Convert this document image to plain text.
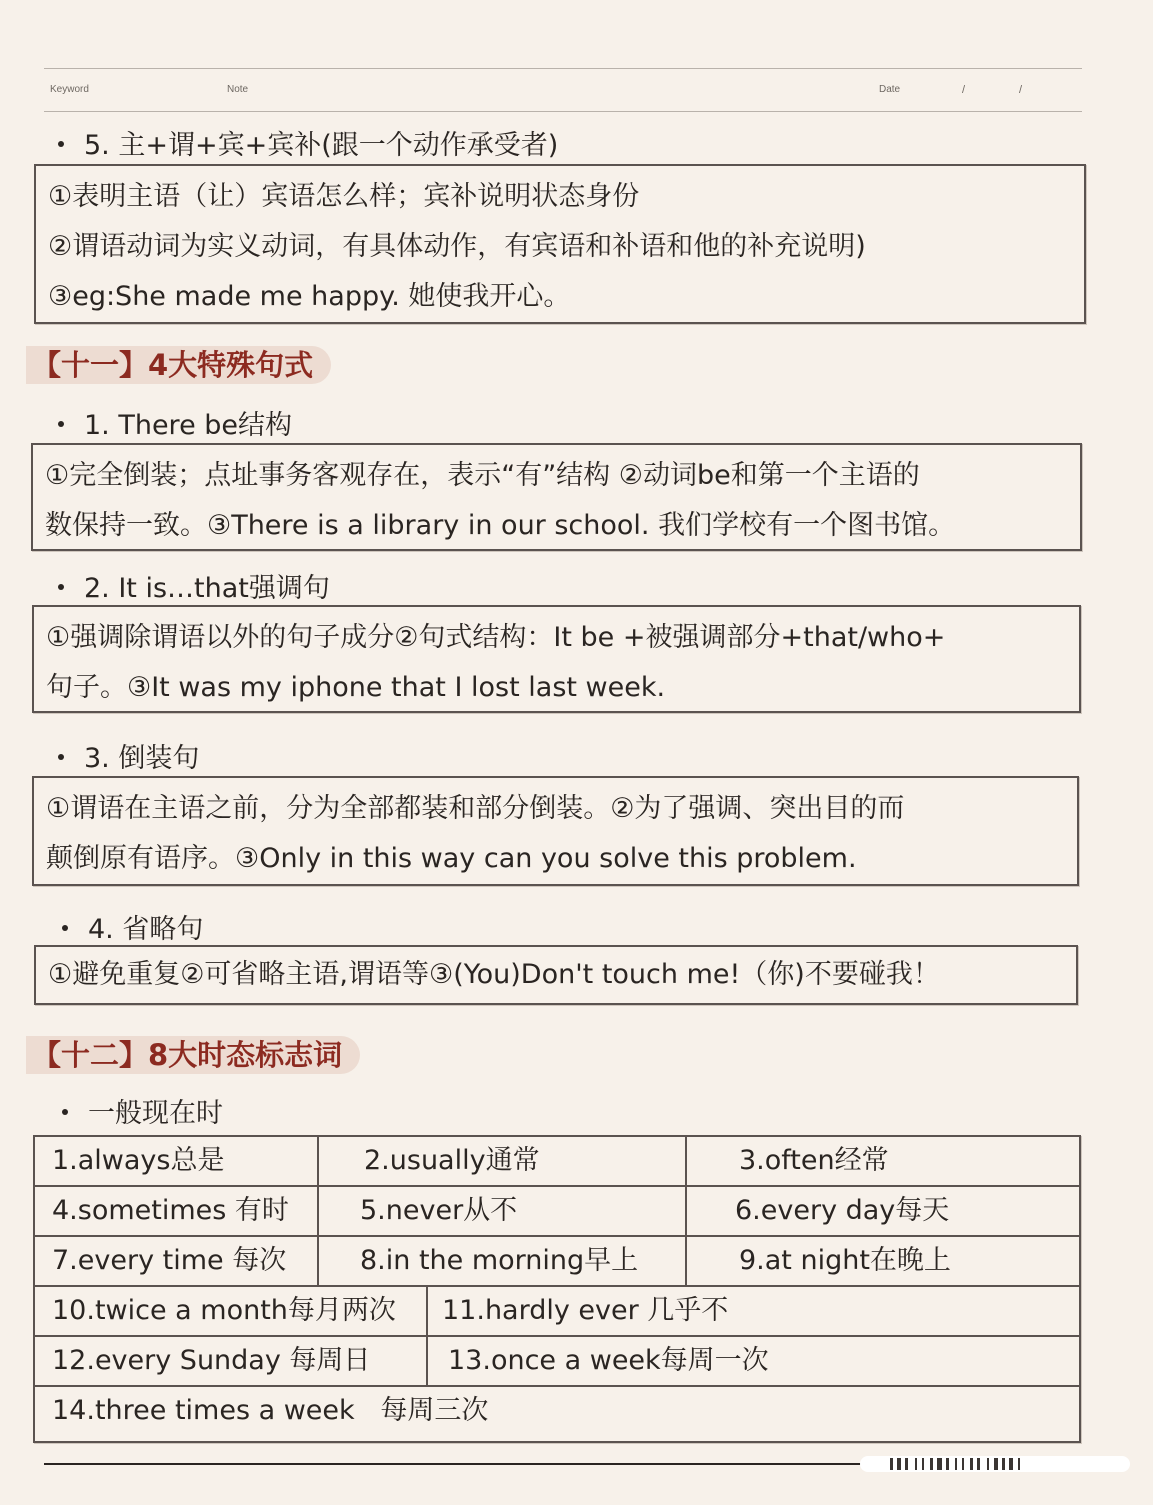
Keyword	Note	Date	/	/
5. 主+谓+宾+宾补(跟一个动作承受者)

①表明主语（让）宾语怎么样；宾补说明状态身份

②谓语动词为实义动词，有具体动作，有宾语和补语和他的补充说明)

③eg:She made me happy. 她使我开心。

【十一】4大特殊句式
1. There be结构

①完全倒装；点址事务客观存在，表示“有”结构 ②动词be和第一个主语的

数保持一致。③There is a library in our school. 我们学校有一个图书馆。

2. It is…that强调句

①强调除谓语以外的句子成分②句式结构：It be +被强调部分+that/who+

句子。③It was my iphone that I lost last week.

3. 倒装句

①谓语在主语之前，分为全部都装和部分倒装。②为了强调、突出目的而

颠倒原有语序。③Only in this way can you solve this problem.

4. 省略句

①避免重复②可省略主语,谓语等③(You)Don't touch me!（你)不要碰我！

【十二】8大时态标志词
一般现在时
1.always总是	2.usually通常	3.often经常
4.sometimes 有时	5.never从不	6.every day每天
7.every time 每次	8.in the morning早上	9.at night在晚上
10.twice a month每月两次	11.hardly ever 几乎不
12.every Sunday 每周日	13.once a week每周一次
14.three times a week   每周三次
